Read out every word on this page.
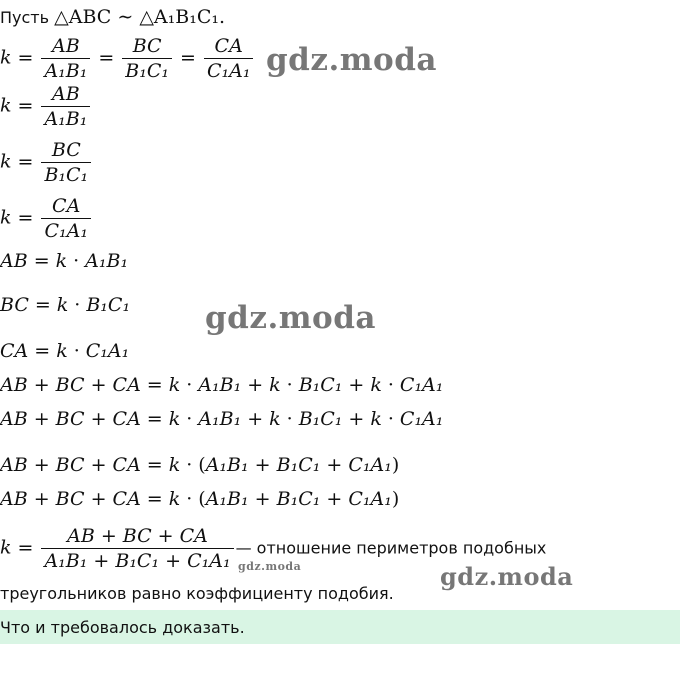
Пусть △ABC ∼ △A₁B₁C₁.
$k = \frac{AB}{\text{A₁B₁}} = \frac{BC}{\text{B₁C₁}} = \frac{CA}{\text{C₁A₁}}$
$k = \frac{AB}{\text{A₁B₁}}$
$k = \frac{BC}{\text{B₁C₁}}$
$k = \frac{CA}{\text{C₁A₁}}$
AB = k · A₁B₁
BC = k · B₁C₁
CA = k · C₁A₁
AB + BC + CA = k · A₁B₁ + k · B₁C₁ + k · C₁A₁
AB + BC + CA = k · A₁B₁ + k · B₁C₁ + k · C₁A₁
AB + BC + CA = k · (A₁B₁ + B₁C₁ + C₁A₁)
AB + BC + CA = k · (A₁B₁ + B₁C₁ + C₁A₁)
$k = \frac{AB + BC + CA}{\text{A₁B₁ + B₁C₁ + C₁A₁}}$ — отношение периметров подобных
треугольников равно коэффициенту подобия.
Что и требовалось доказать.
gdz.moda
gdz.moda
gdz.moda
gdz.moda
